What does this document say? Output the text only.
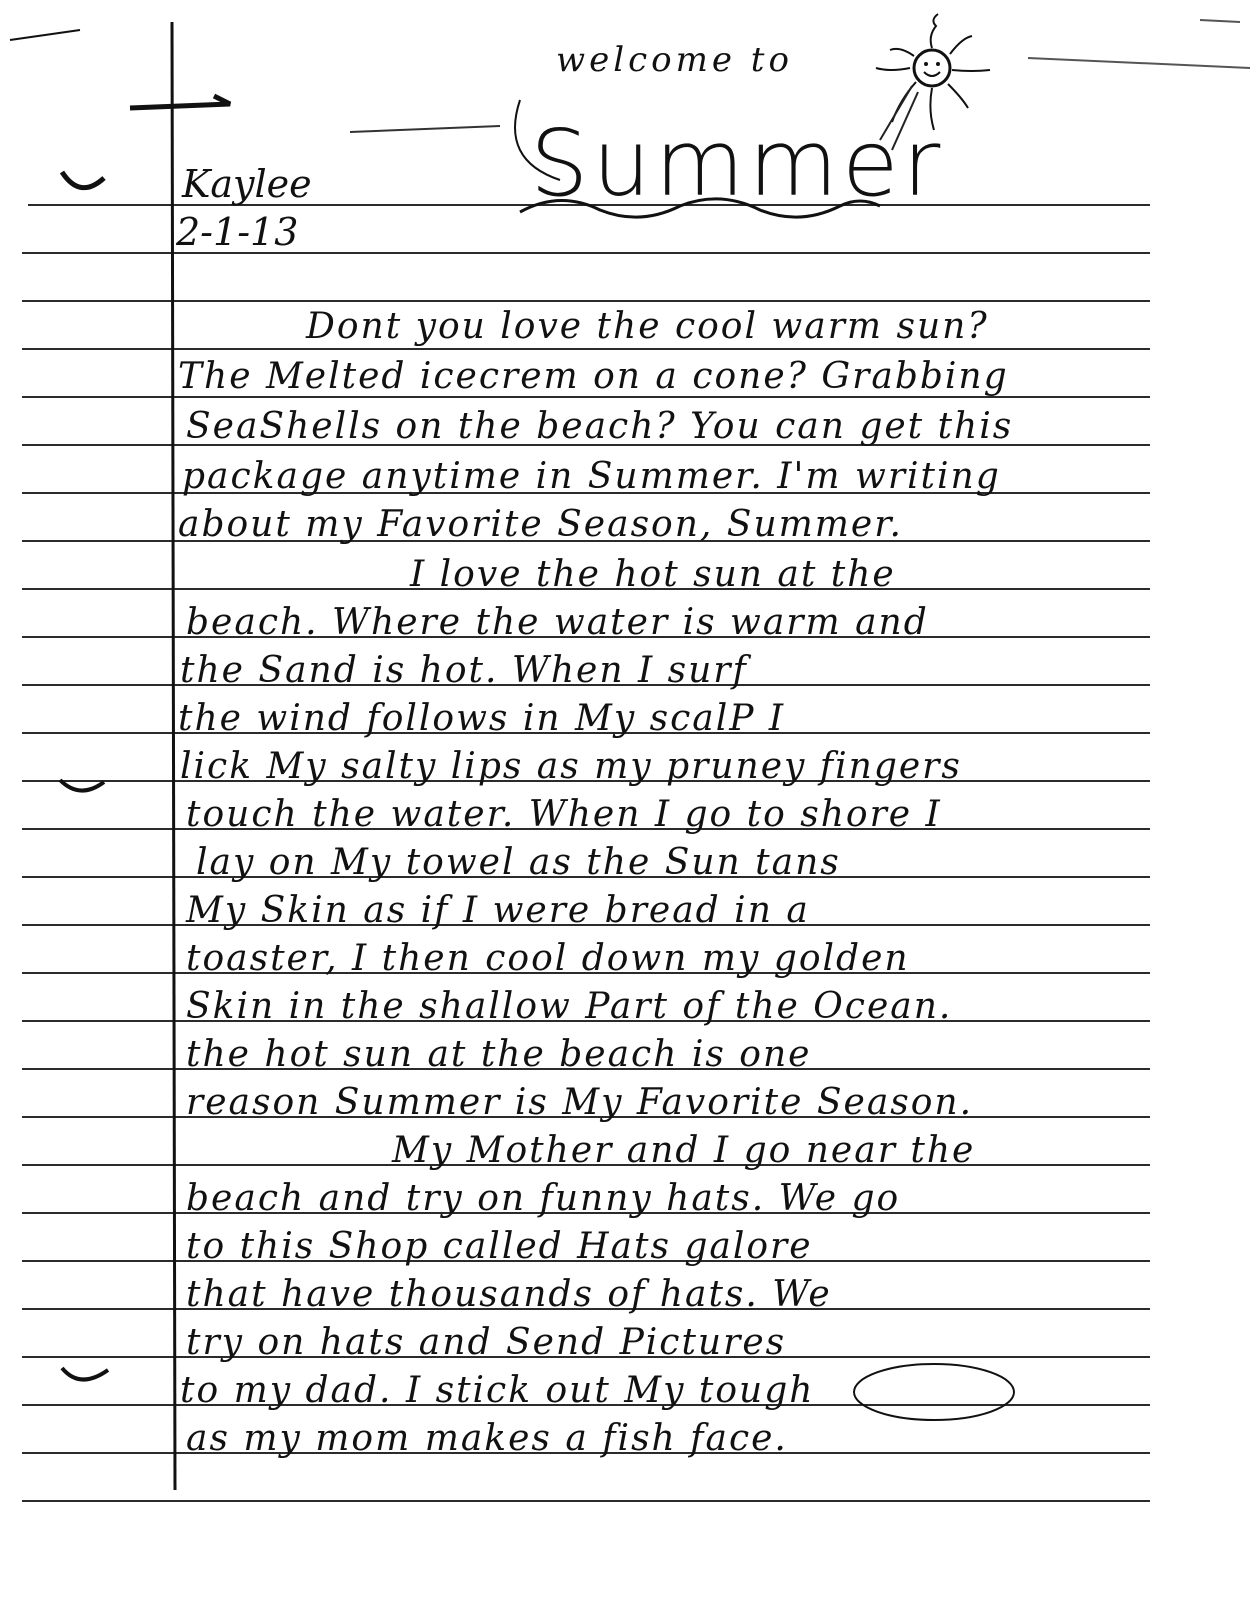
welcome to
Summer
Kaylee
2-1-13
Dont you love the cool warm sun?
The Melted icecrem on a cone? Grabbing
SeaShells on the beach? You can get this
package anytime in Summer. I'm writing
about my Favorite Season, Summer.
I love the hot sun at the
beach. Where the water is warm and
the Sand is hot. When I surf
the wind follows in My scalP I
lick My salty lips as my pruney fingers
touch the water. When I go to shore I
lay on My towel as the Sun tans
My Skin as if I were bread in a
toaster, I then cool down my golden
Skin in the shallow Part of the Ocean.
the hot sun at the beach is one
reason Summer is My Favorite Season.
My Mother and I go near the
beach and try on funny hats. We go
to this Shop called Hats galore
that have thousands of hats. We
try on hats and Send Pictures
to my dad. I stick out My tough
as my mom makes a fish face.
